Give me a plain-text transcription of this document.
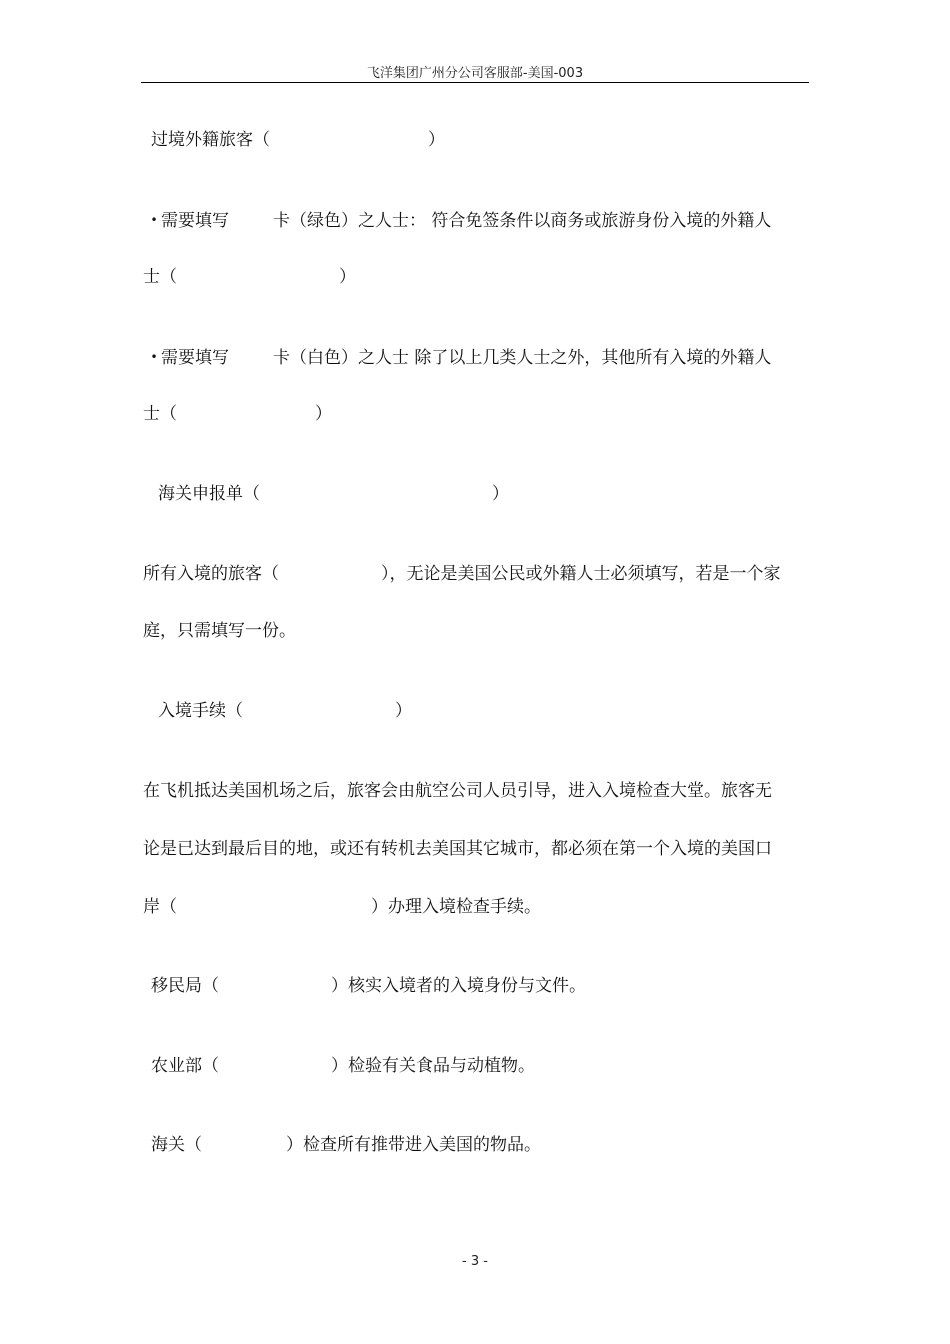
飞洋集团广州分公司客服部-美国-003
过境外籍旅客（	）
• 需要填写	卡（绿色）之人士： 符合免签条件以商务或旅游身份入境的外籍人
士（	）
• 需要填写	卡（白色）之人士 除了以上几类人士之外，其他所有入境的外籍人
士（	）
海关申报单（	）
所有入境的旅客（	），无论是美国公民或外籍人士必须填写，若是一个家
庭，只需填写一份。
入境手续（	）
在飞机抵达美国机场之后，旅客会由航空公司人员引导，进入入境检查大堂。旅客无
论是已达到最后目的地，或还有转机去美国其它城市，都必须在第一个入境的美国口
岸（	）办理入境检查手续。
移民局（	）核实入境者的入境身份与文件。
农业部（	）检验有关食品与动植物。
海关（	）检查所有推带进入美国的物品。
- 3 -
